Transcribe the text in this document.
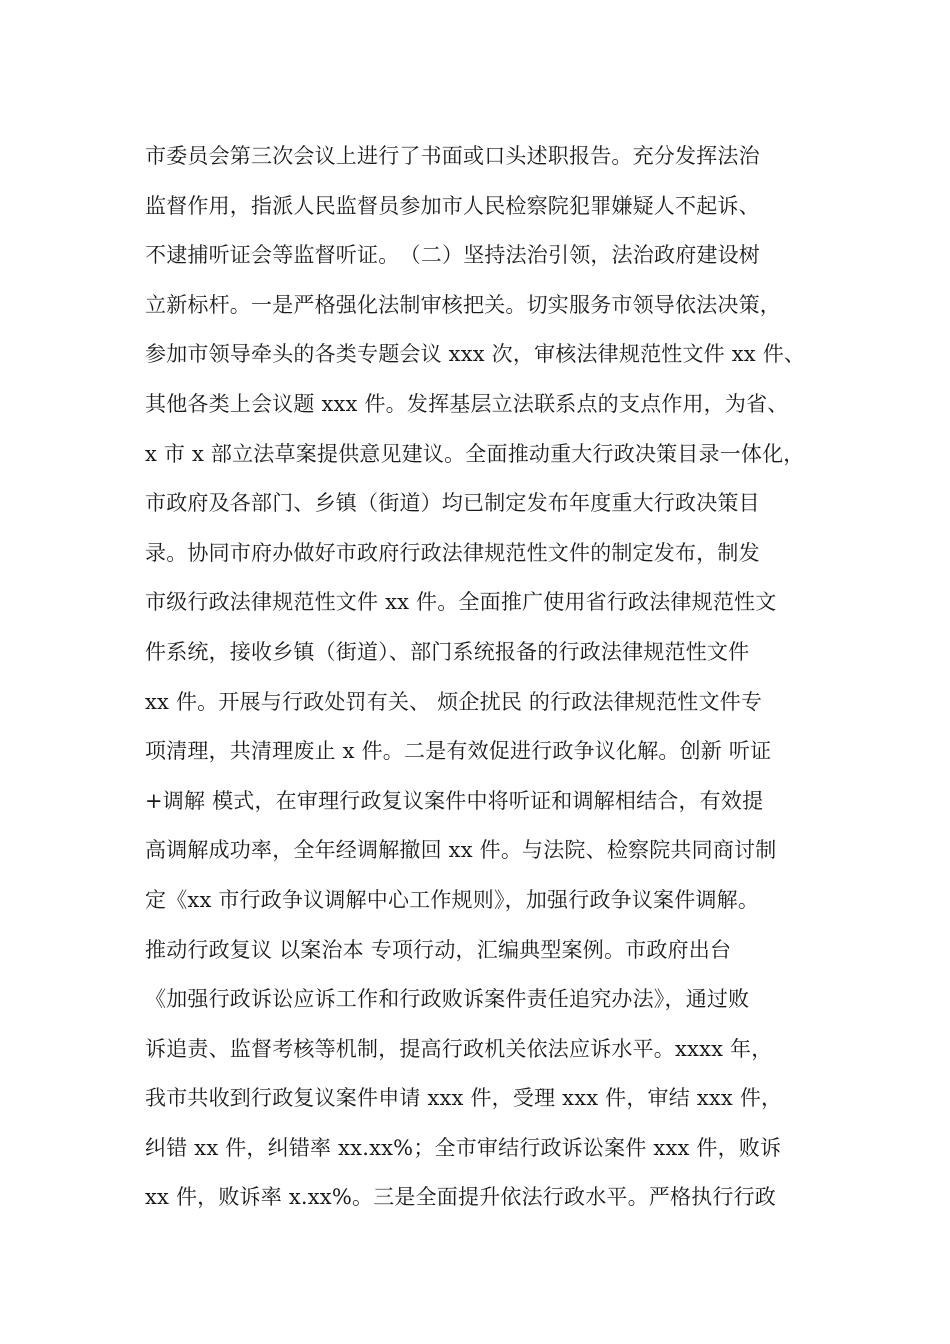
市委员会第三次会议上进行了书面或口头述职报告。充分发挥法治
监督作用，指派人民监督员参加市人民检察院犯罪嫌疑人不起诉、
不逮捕听证会等监督听证。　（二）坚持法治引领，法治政府建设树
立新标杆。一是严格强化法制审核把关。切实服务市领导依法决策，
参加市领导牵头的各类专题会议 xxx 次，审核法律规范性文件 xx 件、
其他各类上会议题 xxx 件。发挥基层立法联系点的支点作用，为省、
x 市 x 部立法草案提供意见建议。全面推动重大行政决策目录一体化，
市政府及各部门、乡镇（街道）均已制定发布年度重大行政决策目
录。协同市府办做好市政府行政法律规范性文件的制定发布，制发
市级行政法律规范性文件 xx 件。全面推广使用省行政法律规范性文
件系统，接收乡镇（街道）、部门系统报备的行政法律规范性文件
xx 件。开展与行政处罚有关、 烦企扰民 的行政法律规范性文件专
项清理，共清理废止 x 件。二是有效促进行政争议化解。创新 听证
+调解 模式，在审理行政复议案件中将听证和调解相结合，有效提
高调解成功率，全年经调解撤回 xx 件。与法院、检察院共同商讨制
定《xx 市行政争议调解中心工作规则》，加强行政争议案件调解。
推动行政复议 以案治本 专项行动，汇编典型案例。市政府出台
《加强行政诉讼应诉工作和行政败诉案件责任追究办法》，通过败
诉追责、监督考核等机制，提高行政机关依法应诉水平。xxxx 年，
我市共收到行政复议案件申请 xxx 件，受理 xxx 件，审结 xxx 件，
纠错 xx 件，纠错率 xx.xx%；全市审结行政诉讼案件 xxx 件，败诉
xx 件，败诉率 x.xx%。三是全面提升依法行政水平。严格执行行政
